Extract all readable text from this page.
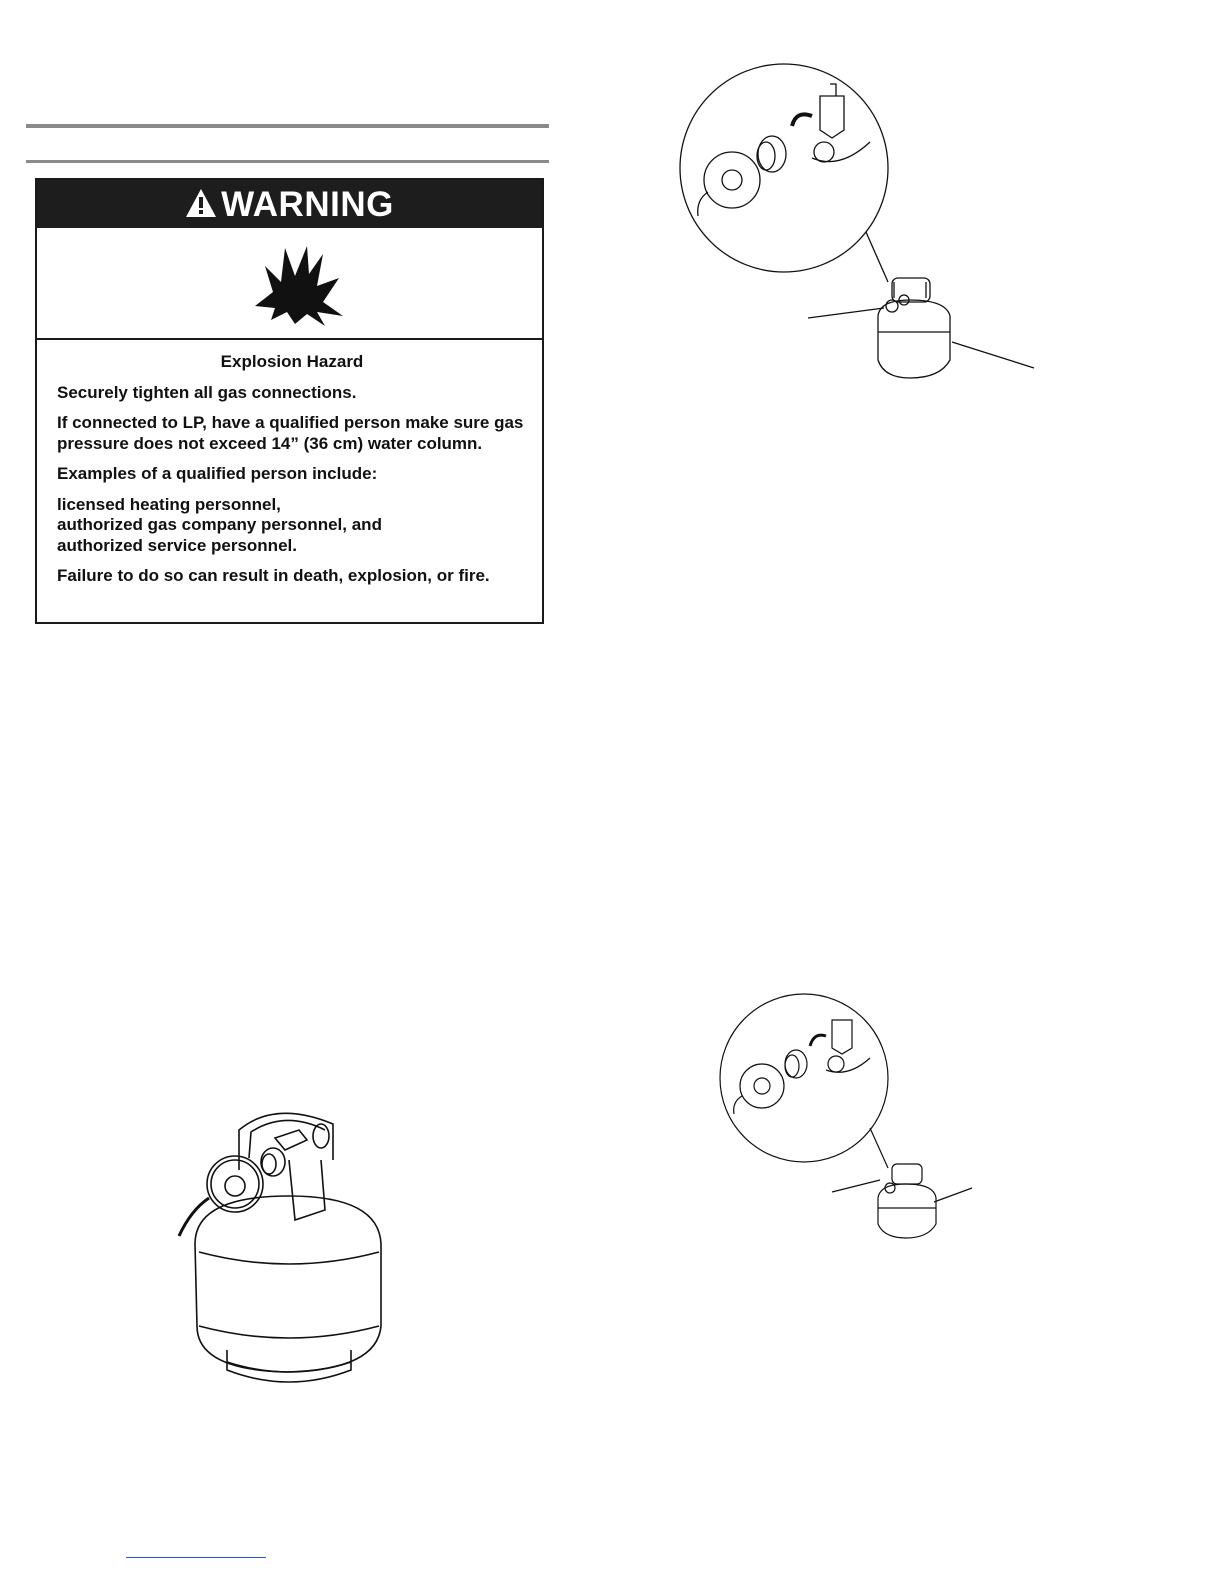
WARNING

Explosion Hazard

Securely tighten all gas connections.

If connected to LP, have a qualified person make sure gas pressure does not exceed 14” (36 cm) water column.

Examples of a qualified person include:

licensed heating personnel,

authorized gas company personnel, and

authorized service personnel.

Failure to do so can result in death, explosion, or fire.
